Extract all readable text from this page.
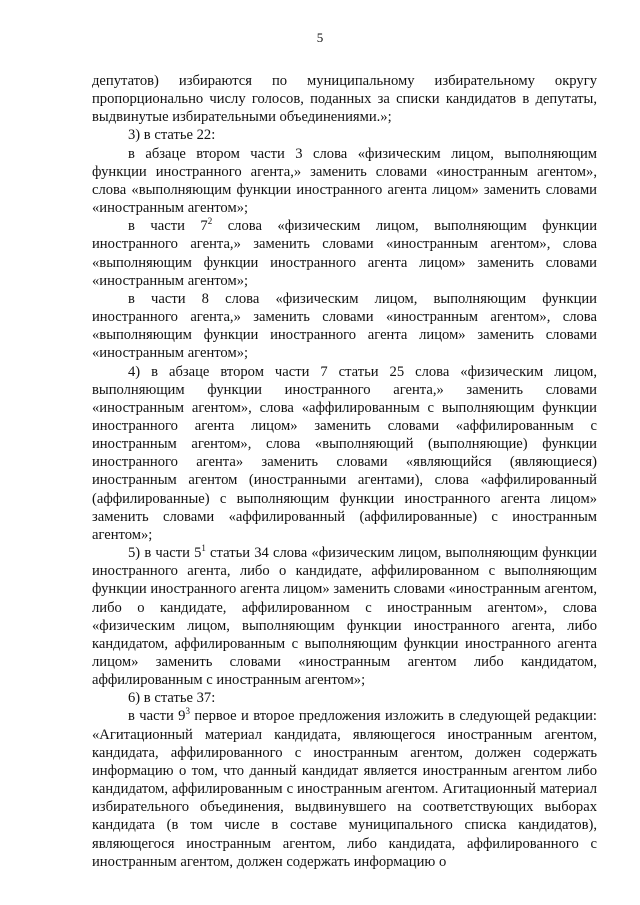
5

депутатов) избираются по муниципальному избирательному округу пропорционально числу голосов, поданных за списки кандидатов в депутаты, выдвинутые избирательными объединениями.»;

3) в статье 22:

в абзаце втором части 3 слова «физическим лицом, выполняющим функции иностранного агента,» заменить словами «иностранным агентом», слова «выполняющим функции иностранного агента лицом» заменить словами «иностранным агентом»;

в части $7^2$ слова «физическим лицом, выполняющим функции иностранного агента,» заменить словами «иностранным агентом», слова «выполняющим функции иностранного агента лицом» заменить словами «иностранным агентом»;

в части 8 слова «физическим лицом, выполняющим функции иностранного агента,» заменить словами «иностранным агентом», слова «выполняющим функции иностранного агента лицом» заменить словами «иностранным агентом»;

4) в абзаце втором части 7 статьи 25 слова «физическим лицом, выполняющим функции иностранного агента,» заменить словами «иностранным агентом», слова «аффилированным с выполняющим функции иностранного агента лицом» заменить словами «аффилированным с иностранным агентом», слова «выполняющий (выполняющие) функции иностранного агента» заменить словами «являющийся (являющиеся) иностранным агентом (иностранными агентами), слова «аффилированный (аффилированные) с выполняющим функции иностранного агента лицом» заменить словами «аффилированный (аффилированные) с иностранным агентом»;

5) в части $5^1$ статьи 34 слова «физическим лицом, выполняющим функции иностранного агента, либо о кандидате, аффилированном с выполняющим функции иностранного агента лицом» заменить словами «иностранным агентом, либо о кандидате, аффилированном с иностранным агентом», слова «физическим лицом, выполняющим функции иностранного агента, либо кандидатом, аффилированным с выполняющим функции иностранного агента лицом» заменить словами «иностранным агентом либо кандидатом, аффилированным с иностранным агентом»;

6) в статье 37:

в части $9^3$ первое и второе предложения изложить в следующей редакции: «Агитационный материал кандидата, являющегося иностранным агентом, кандидата, аффилированного с иностранным агентом, должен содержать информацию о том, что данный кандидат является иностранным агентом либо кандидатом, аффилированным с иностранным агентом. Агитационный материал избирательного объединения, выдвинувшего на соответствующих выборах кандидата (в том числе в составе муниципального списка кандидатов), являющегося иностранным агентом, либо кандидата, аффилированного с иностранным агентом, должен содержать информацию о
